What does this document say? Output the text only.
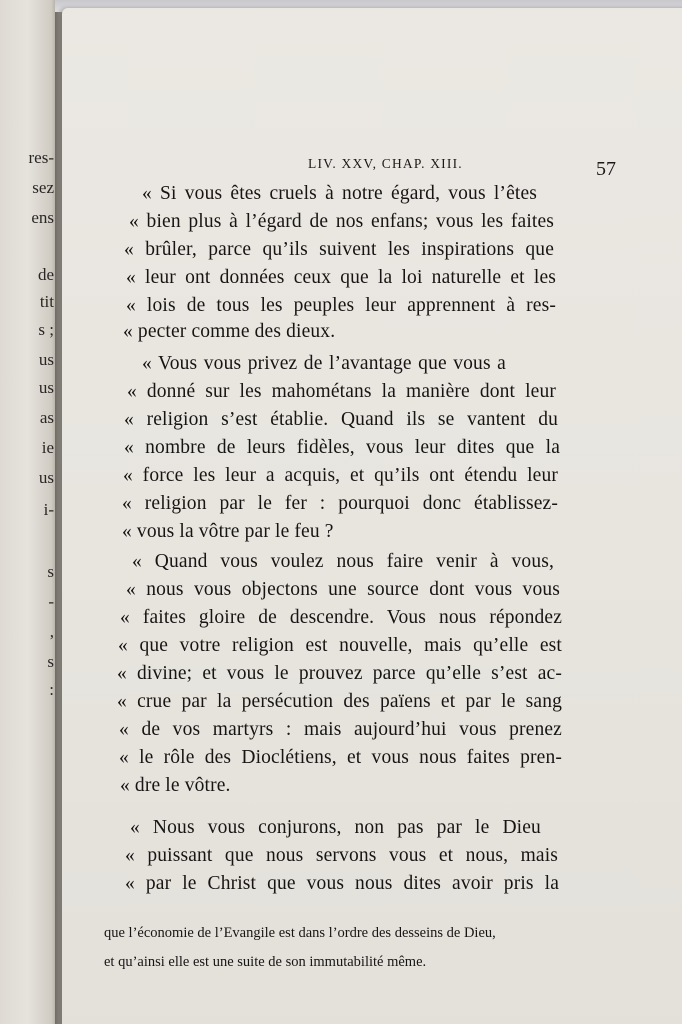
res-
sez
ens
de
tit
s ;
us
us
as
ie
us
i-
s
-
,
s
:
LIV. XXV, CHAP. XIII.	57
« Si vous êtes cruels à notre égard, vous l’êtes
« bien plus à l’égard de nos enfans; vous les faites
« brûler, parce qu’ils suivent les inspirations que
« leur ont données ceux que la loi naturelle et les
« lois de tous les peuples leur apprennent à res-
« pecter comme des dieux.
« Vous vous privez de l’avantage que vous a
« donné sur les mahométans la manière dont leur
« religion s’est établie. Quand ils se vantent du
« nombre de leurs fidèles, vous leur dites que la
« force les leur a acquis, et qu’ils ont étendu leur
« religion par le fer : pourquoi donc établissez-
« vous la vôtre par le feu ?
« Quand vous voulez nous faire venir à vous,
« nous vous objectons une source dont vous vous
« faites gloire de descendre. Vous nous répondez
« que votre religion est nouvelle, mais qu’elle est
« divine; et vous le prouvez parce qu’elle s’est ac-
« crue par la persécution des païens et par le sang
« de vos martyrs : mais aujourd’hui vous prenez
« le rôle des Dioclétiens, et vous nous faites pren-
« dre le vôtre.
« Nous vous conjurons, non pas par le Dieu
« puissant que nous servons vous et nous, mais
« par le Christ que vous nous dites avoir pris la
que l’économie de l’Evangile est dans l’ordre des desseins de Dieu,
et qu’ainsi elle est une suite de son immutabilité même.
